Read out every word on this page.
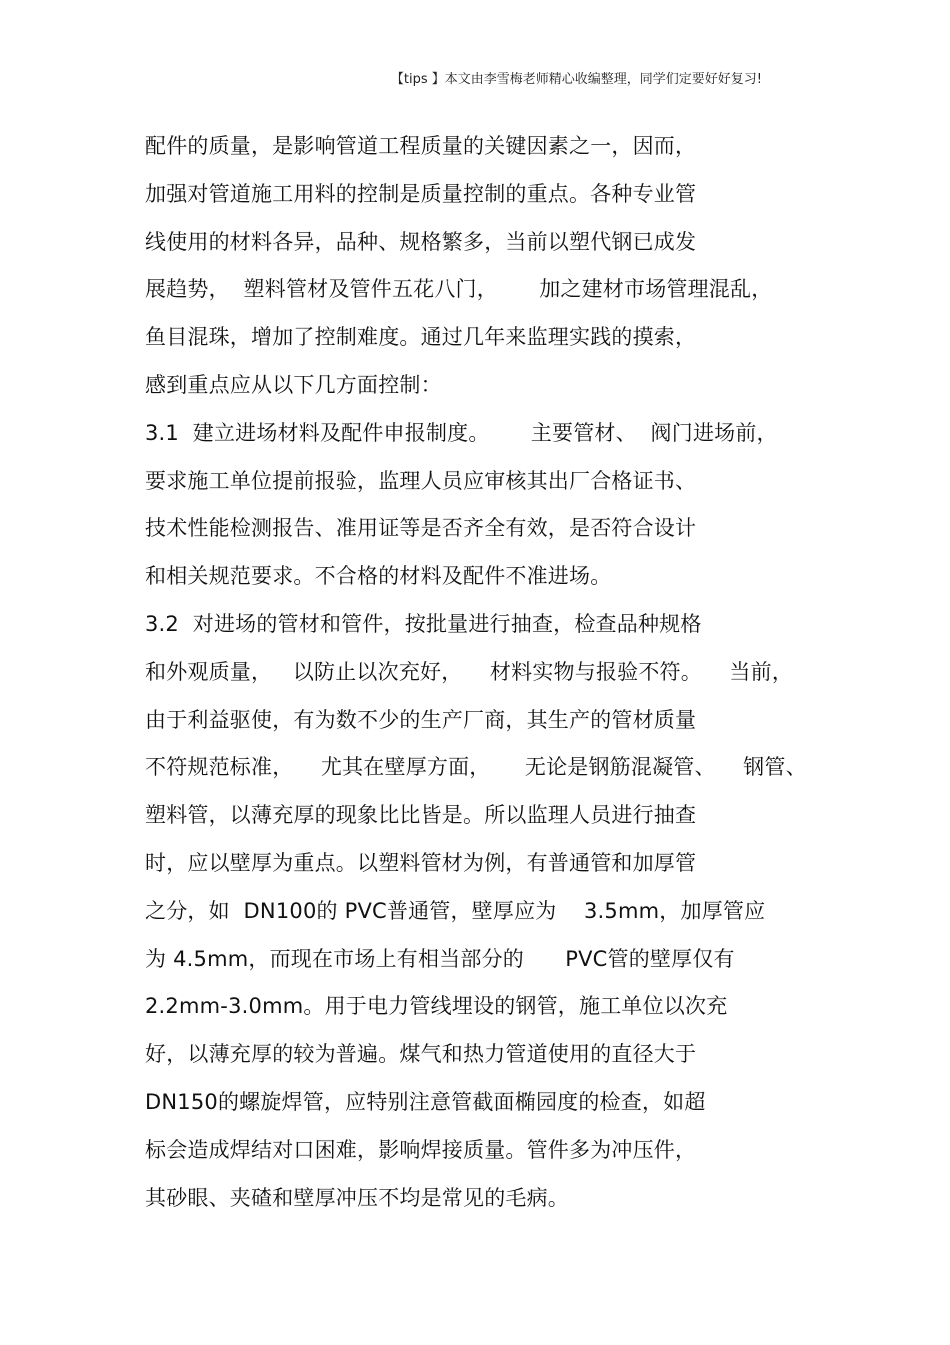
【tips 】本文由李雪梅老师精心收编整理，同学们定要好好复习!
配件的质量，是影响管道工程质量的关键因素之一，因而，
加强对管道施工用料的控制是质量控制的重点。各种专业管
线使用的材料各异，品种、规格繁多，当前以塑代钢已成发
展趋势，  塑料管材及管件五花八门，      加之建材市场管理混乱，
鱼目混珠，增加了控制难度。通过几年来监理实践的摸索，
感到重点应从以下几方面控制：
3.1  建立进场材料及配件申报制度。      主要管材、  阀门进场前，
要求施工单位提前报验，监理人员应审核其出厂合格证书、
技术性能检测报告、准用证等是否齐全有效，是否符合设计
和相关规范要求。不合格的材料及配件不准进场。
3.2  对进场的管材和管件，按批量进行抽查，检查品种规格
和外观质量，   以防止以次充好，    材料实物与报验不符。    当前，
由于利益驱使，有为数不少的生产厂商，其生产的管材质量
不符规范标准，    尤其在壁厚方面，     无论是钢筋混凝管、    钢管、
塑料管，以薄充厚的现象比比皆是。所以监理人员进行抽查
时，应以壁厚为重点。以塑料管材为例，有普通管和加厚管
之分，如  DN100的 PVC普通管，壁厚应为    3.5mm，加厚管应
为 4.5mm，而现在市场上有相当部分的      PVC管的壁厚仅有
2.2mm-3.0mm。用于电力管线埋设的钢管，施工单位以次充
好，以薄充厚的较为普遍。煤气和热力管道使用的直径大于
DN150的螺旋焊管，应特别注意管截面椭园度的检查，如超
标会造成焊结对口困难，影响焊接质量。管件多为冲压件，
其砂眼、夹碴和壁厚冲压不均是常见的毛病。
